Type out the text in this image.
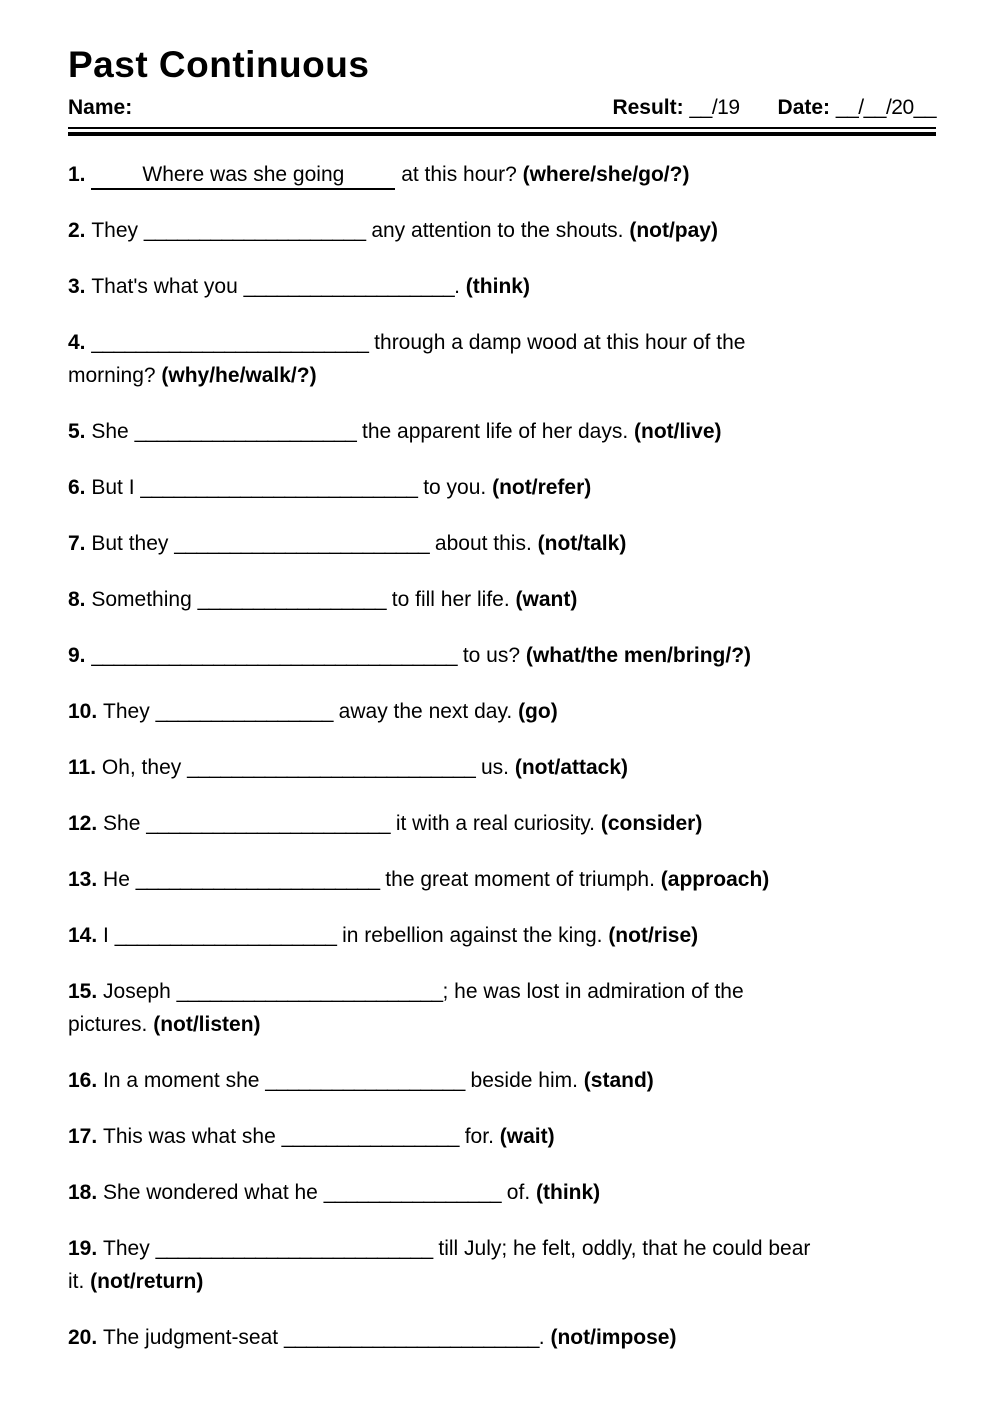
Past Continuous
Name:	Result: __/19 Date: __/__/20__
1. Where was she going at this hour? (where/she/go/?)
2. They ____________________ any attention to the shouts. (not/pay)
3. That's what you ___________________. (think)
4. _________________________ through a damp wood at this hour of the
morning? (why/he/walk/?)
5. She ____________________ the apparent life of her days. (not/live)
6. But I _________________________ to you. (not/refer)
7. But they _______________________ about this. (not/talk)
8. Something _________________ to fill her life. (want)
9. _________________________________ to us? (what/the men/bring/?)
10. They ________________ away the next day. (go)
11. Oh, they __________________________ us. (not/attack)
12. She ______________________ it with a real curiosity. (consider)
13. He ______________________ the great moment of triumph. (approach)
14. I ____________________ in rebellion against the king. (not/rise)
15. Joseph ________________________; he was lost in admiration of the
pictures. (not/listen)
16. In a moment she __________________ beside him. (stand)
17. This was what she ________________ for. (wait)
18. She wondered what he ________________ of. (think)
19. They _________________________ till July; he felt, oddly, that he could bear
it. (not/return)
20. The judgment-seat _______________________. (not/impose)
